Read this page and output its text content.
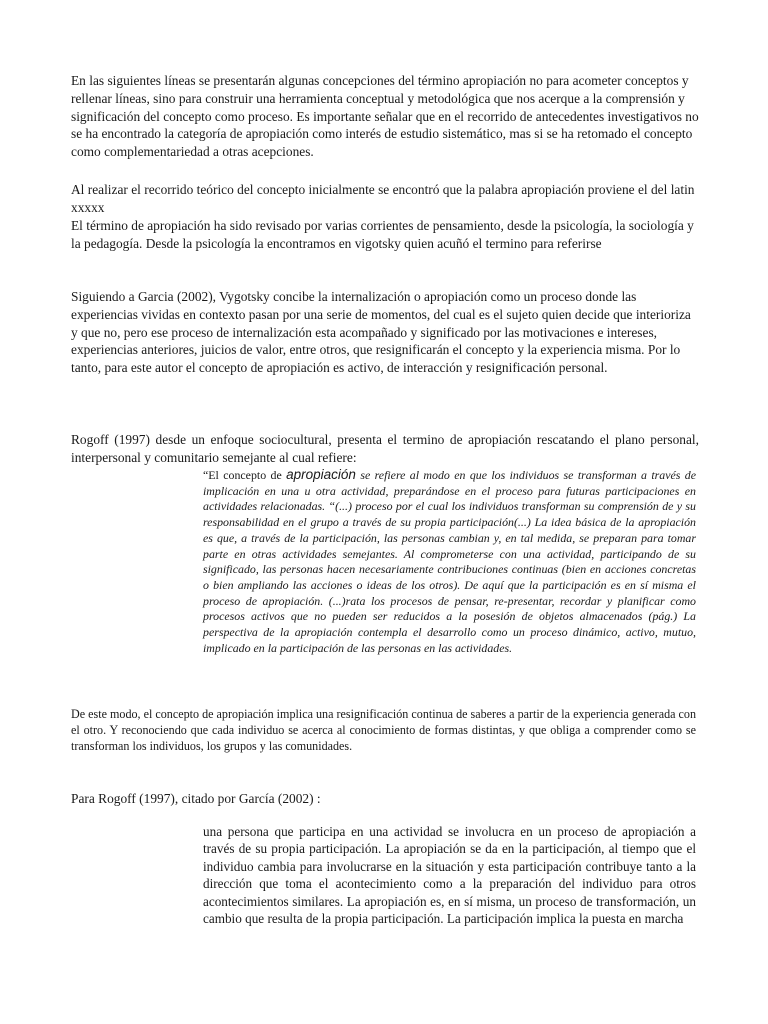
En las siguientes líneas se presentarán algunas concepciones del término apropiación no para acometer conceptos y rellenar líneas, sino para construir una herramienta conceptual y metodológica que nos acerque a la comprensión y significación del concepto como proceso. Es importante señalar que en el recorrido de antecedentes investigativos no se ha encontrado la categoría de apropiación como interés de estudio sistemático, mas si se ha retomado el concepto como complementariedad a otras acepciones.

Al realizar el recorrido teórico del concepto inicialmente se encontró que la palabra apropiación proviene el del latin xxxxx

El término de apropiación ha sido revisado por varias corrientes de pensamiento, desde la psicología, la sociología y la pedagogía. Desde la psicología la encontramos en vigotsky quien acuñó el termino para referirse

Siguiendo a Garcia (2002), Vygotsky concibe la internalización o apropiación como un proceso donde las experiencias vividas en contexto pasan por una serie de momentos, del cual es el sujeto quien decide que interioriza y que no, pero ese proceso de internalización esta acompañado y significado por las motivaciones e intereses, experiencias anteriores, juicios de valor, entre otros, que resignificarán el concepto y la experiencia misma. Por lo tanto, para este autor el concepto de apropiación es activo, de interacción y resignificación personal.

Rogoff (1997) desde un enfoque sociocultural, presenta el termino de apropiación rescatando el plano personal, interpersonal y comunitario semejante al cual refiere:

“El concepto de apropiación se refiere al modo en que los individuos se transforman a través de implicación en una u otra actividad, preparándose en el proceso para futuras participaciones en actividades relacionadas. “(...) proceso por el cual los individuos transforman su comprensión de y su responsabilidad en el grupo a través de su propia participación(...) La idea básica de la apropiación es que, a través de la participación, las personas cambian y, en tal medida, se preparan para tomar parte en otras actividades semejantes. Al comprometerse con una actividad, participando de su significado, las personas hacen necesariamente contribuciones continuas (bien en acciones concretas o bien ampliando las acciones o ideas de los otros). De aquí que la participación es en sí misma el proceso de apropiación. (...)rata los procesos de pensar, re-presentar, recordar y planificar como procesos activos que no pueden ser reducidos a la posesión de objetos almacenados (pág.) La perspectiva de la apropiación contempla el desarrollo como un proceso dinámico, activo, mutuo, implicado en la participación de las personas en las actividades.

De este modo, el concepto de apropiación implica una resignificación continua de saberes a partir de la experiencia generada con el otro. Y reconociendo que cada individuo se acerca al conocimiento de formas distintas, y que obliga a comprender como se transforman los individuos, los grupos y las comunidades.

Para Rogoff (1997), citado por García (2002) :

una persona que participa en una actividad se involucra en un proceso de apropiación a través de su propia participación. La apropiación se da en la participación, al tiempo que el individuo cambia para involucrarse en la situación y esta participación contribuye tanto a la dirección que toma el acontecimiento como a la preparación del individuo para otros acontecimientos similares. La apropiación es, en sí misma, un proceso de transformación, un cambio que resulta de la propia participación. La participación implica la puesta en marcha
